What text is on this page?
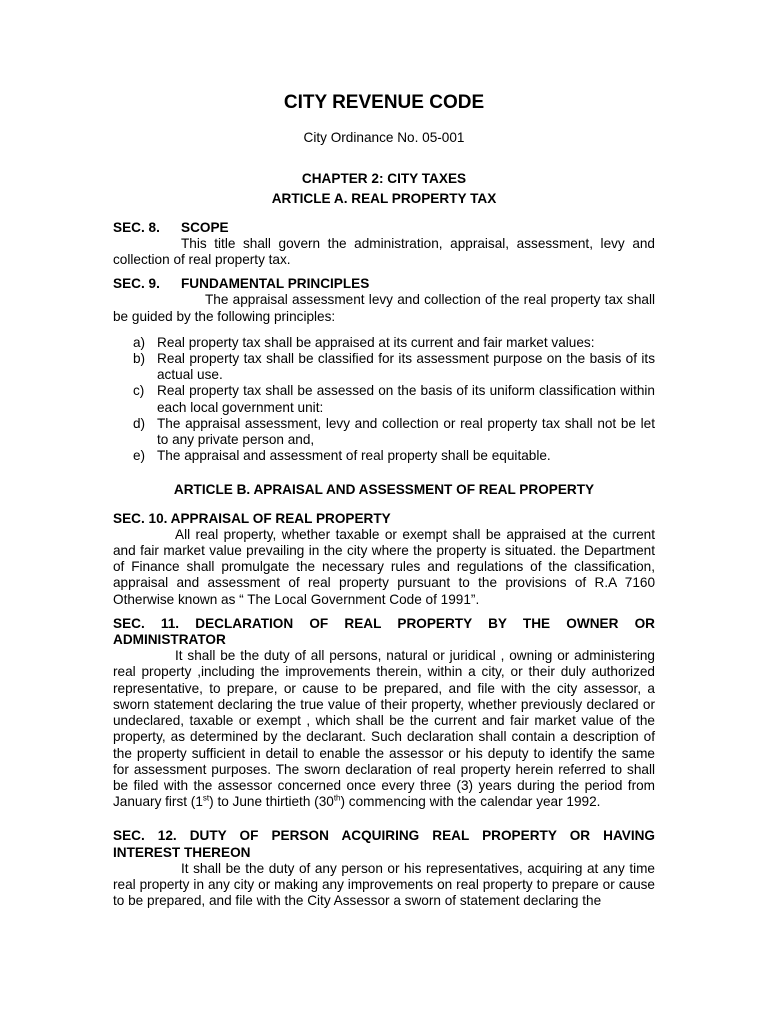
CITY REVENUE CODE
City Ordinance No. 05-001
CHAPTER 2: CITY TAXES
ARTICLE A. REAL PROPERTY TAX
SEC. 8. SCOPE
This title shall govern the administration, appraisal, assessment, levy and collection of real property tax.
SEC. 9. FUNDAMENTAL PRINCIPLES
The appraisal assessment levy and collection of the real property tax shall be guided by the following principles:
a) Real property tax shall be appraised at its current and fair market values:
b) Real property tax shall be classified for its assessment purpose on the basis of its actual use.
c) Real property tax shall be assessed on the basis of its uniform classification within each local government unit:
d) The appraisal assessment, levy and collection or real property tax shall not be let to any private person and,
e) The appraisal and assessment of real property shall be equitable.
ARTICLE B. APRAISAL AND ASSESSMENT OF REAL PROPERTY
SEC. 10. APPRAISAL OF REAL PROPERTY
All real property, whether taxable or exempt shall be appraised at the current and fair market value prevailing in the city where the property is situated. the Department of Finance shall promulgate the necessary rules and regulations of the classification, appraisal and assessment of real property pursuant to the provisions of R.A 7160 Otherwise known as “ The Local Government Code of 1991”.
SEC. 11. DECLARATION OF REAL PROPERTY BY THE OWNER OR
ADMINISTRATOR
It shall be the duty of all persons, natural or juridical , owning or administering real property ,including the improvements therein, within a city, or their duly authorized representative, to prepare, or cause to be prepared, and file with the city assessor, a sworn statement declaring the true value of their property, whether previously declared or undeclared, taxable or exempt , which shall be the current and fair market value of the property, as determined by the declarant. Such declaration shall contain a description of the property sufficient in detail to enable the assessor or his deputy to identify the same for assessment purposes. The sworn declaration of real property herein referred to shall be filed with the assessor concerned once every three (3) years during the period from January first (1st) to June thirtieth (30th) commencing with the calendar year 1992.
SEC. 12. DUTY OF PERSON ACQUIRING REAL PROPERTY OR HAVING
INTEREST THEREON
It shall be the duty of any person or his representatives, acquiring at any time real property in any city or making any improvements on real property to prepare or cause to be prepared, and file with the City Assessor a sworn of statement declaring the
